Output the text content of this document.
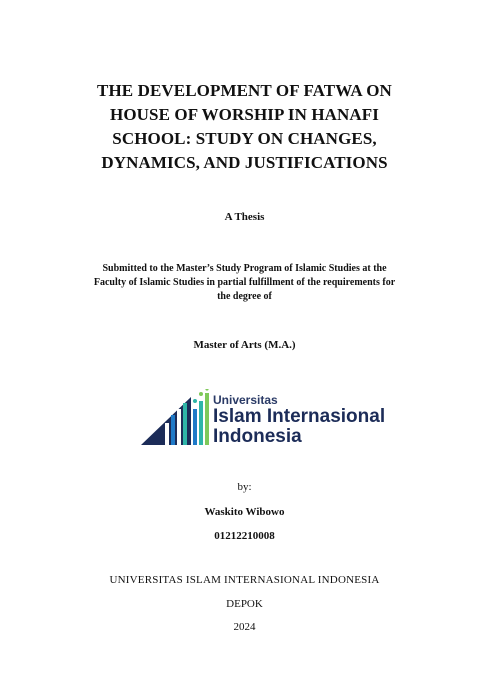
THE DEVELOPMENT OF FATWA ON
HOUSE OF WORSHIP IN HANAFI
SCHOOL: STUDY ON CHANGES,
DYNAMICS, AND JUSTIFICATIONS
A Thesis
Submitted to the Master’s Study Program of Islamic Studies at the
Faculty of Islamic Studies in partial fulfillment of the requirements for
the degree of
Master of Arts (M.A.)
Universitas
Islam Internasional
Indonesia
by:
Waskito Wibowo
01212210008
UNIVERSITAS ISLAM INTERNASIONAL INDONESIA
DEPOK
2024
